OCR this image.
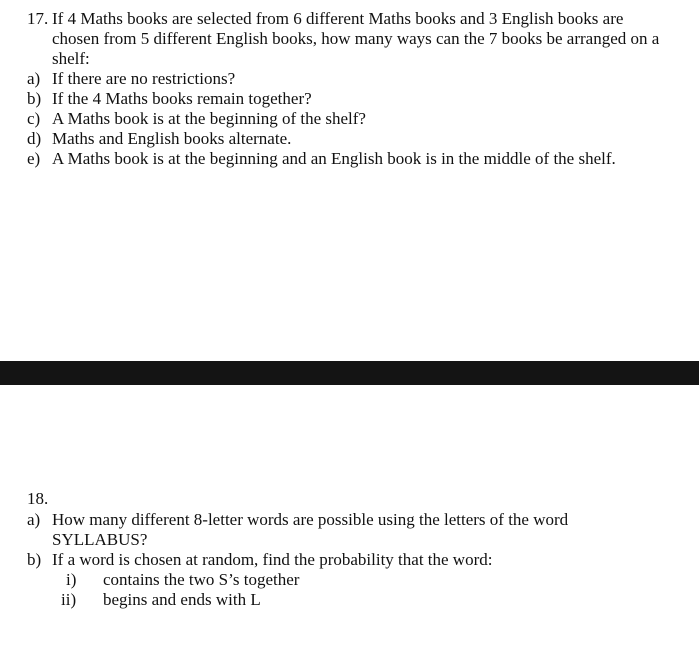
17. If 4 Maths books are selected from 6 different Maths books and 3 English books are
chosen from 5 different English books, how many ways can the 7 books be arranged on a
shelf:
a) If there are no restrictions?
b) If the 4 Maths books remain together?
c) A Maths book is at the beginning of the shelf?
d) Maths and English books alternate.
e) A Maths book is at the beginning and an English book is in the middle of the shelf.
18.
a) How many different 8-letter words are possible using the letters of the word
SYLLABUS?
b) If a word is chosen at random, find the probability that the word:
i) contains the two S’s together
ii) begins and ends with L
